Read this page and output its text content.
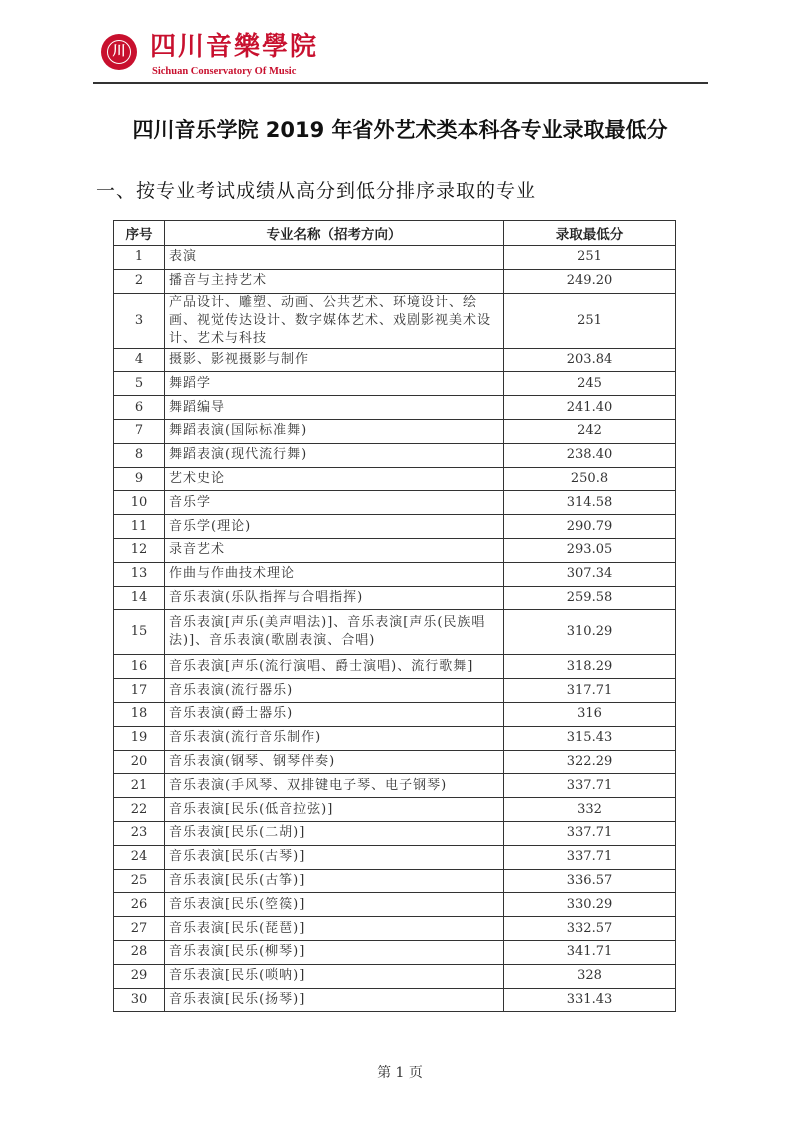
川 四川音樂學院
Sichuan Conservatory Of Music
四川音乐学院 2019 年省外艺术类本科各专业录取最低分
一、按专业考试成绩从高分到低分排序录取的专业
序号	专业名称（招考方向）	录取最低分
1	表演	251
2	播音与主持艺术	249.20
3	产品设计、雕塑、动画、公共艺术、环境设计、绘画、视觉传达设计、数字媒体艺术、戏剧影视美术设计、艺术与科技	251
4	摄影、影视摄影与制作	203.84
5	舞蹈学	245
6	舞蹈编导	241.40
7	舞蹈表演(国际标准舞)	242
8	舞蹈表演(现代流行舞)	238.40
9	艺术史论	250.8
10	音乐学	314.58
11	音乐学(理论)	290.79
12	录音艺术	293.05
13	作曲与作曲技术理论	307.34
14	音乐表演(乐队指挥与合唱指挥)	259.58
15	音乐表演[声乐(美声唱法)]、音乐表演[声乐(民族唱法)]、音乐表演(歌剧表演、合唱)	310.29
16	音乐表演[声乐(流行演唱、爵士演唱)、流行歌舞]	318.29
17	音乐表演(流行器乐)	317.71
18	音乐表演(爵士器乐)	316
19	音乐表演(流行音乐制作)	315.43
20	音乐表演(钢琴、钢琴伴奏)	322.29
21	音乐表演(手风琴、双排键电子琴、电子钢琴)	337.71
22	音乐表演[民乐(低音拉弦)]	332
23	音乐表演[民乐(二胡)]	337.71
24	音乐表演[民乐(古琴)]	337.71
25	音乐表演[民乐(古筝)]	336.57
26	音乐表演[民乐(箜篌)]	330.29
27	音乐表演[民乐(琵琶)]	332.57
28	音乐表演[民乐(柳琴)]	341.71
29	音乐表演[民乐(唢呐)]	328
30	音乐表演[民乐(扬琴)]	331.43
第 1 页
